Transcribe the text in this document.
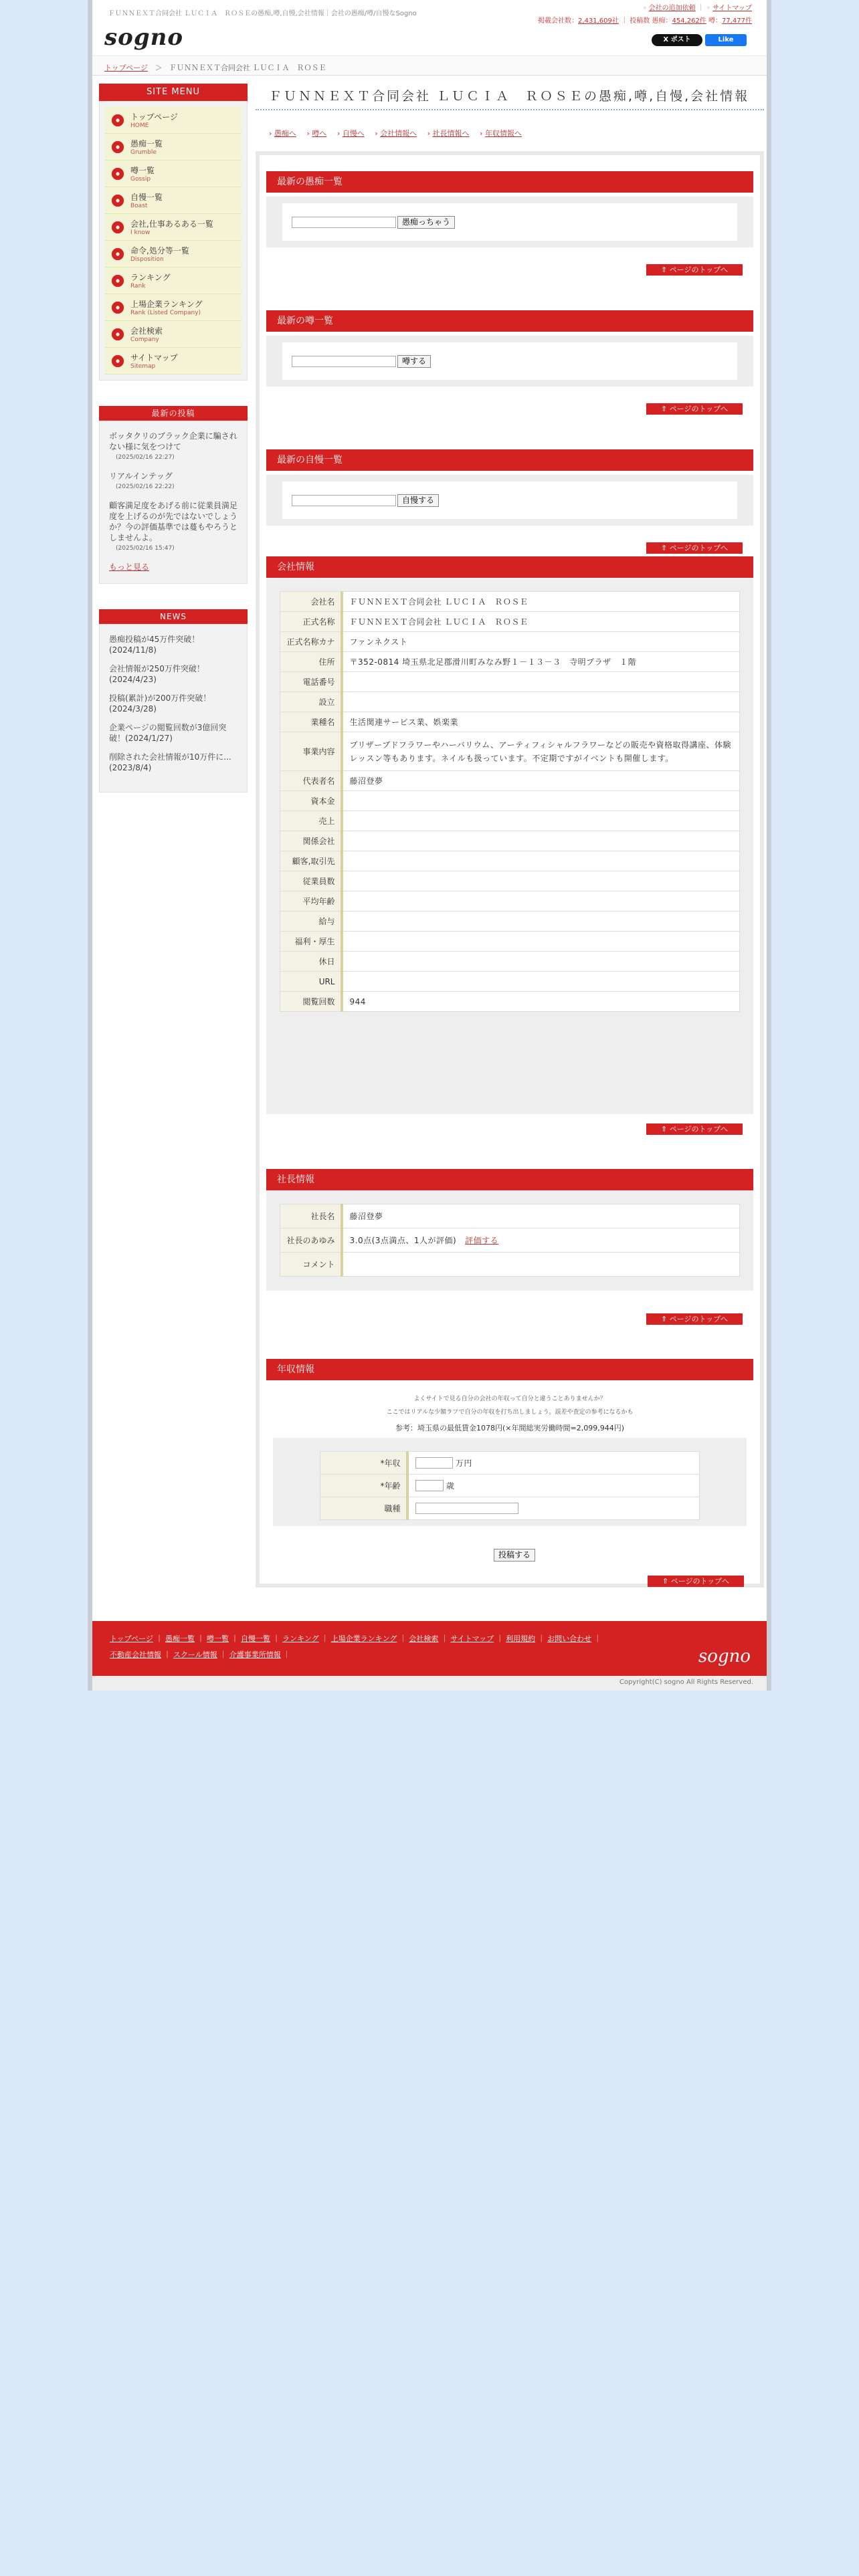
ＦＵＮＮＥＸＴ合同会社 ＬＵＣＩＡ　ＲＯＳＥの愚痴,噂,自慢,会社情報｜会社の愚痴/噂/自慢なSogno
sogno
◦ 会社の追加依頼 ｜ ◦ サイトマップ
掲載会社数：2,431,609社 ｜ 投稿数 愚痴：454,262件 噂：77,477件
X ポスト	Like
トップページ   ＞   ＦＵＮＮＥＸＴ合同会社 ＬＵＣＩＡ　ＲＯＳＥ
SITE MENU
トップページ
HOME
愚痴一覧
Grumble
噂一覧
Gossip
自慢一覧
Boast
会社,仕事あるある一覧
I know
命令,処分等一覧
Disposition
ランキング
Rank
上場企業ランキング
Rank (Listed Company)
会社検索
Company
サイトマップ
Sitemap
最新の投稿
ボッタクリのブラック企業に騙されない様に気をつけて
(2025/02/16 22:27)
リアルインテッグ
(2025/02/16 22:22)
顧客満足度をあげる前に従業員満足度を上げるのが先ではないでしょうか？今の評価基準では蔓もやろうとしませんよ。
(2025/02/16 15:47)
もっと見る
NEWS
愚痴投稿が45万件突破！(2024/11/8)
会社情報が250万件突破！(2024/4/23)
投稿(累計)が200万件突破！(2024/3/28)
企業ページの閲覧回数が3億回突破！(2024/1/27)
削除された会社情報が10万件に... (2023/8/4)
ＦＵＮＮＥＸＴ合同会社 ＬＵＣＩＡ　ＲＯＳＥの愚痴,噂,自慢,会社情報
› 愚痴へ › 噂へ › 自慢へ › 会社情報へ › 社長情報へ › 年収情報へ
最新の愚痴一覧
愚痴っちゃう
⇑ ページのトップへ
最新の噂一覧
噂する
⇑ ページのトップへ
最新の自慢一覧
自慢する
⇑ ページのトップへ
会社情報
会社名	ＦＵＮＮＥＸＴ合同会社 ＬＵＣＩＡ　ＲＯＳＥ
正式名称	ＦＵＮＮＥＸＴ合同会社 ＬＵＣＩＡ　ＲＯＳＥ
正式名称カナ	ファンネクスト
住所	〒352-0814 埼玉県北足郡滑川町みなみ野１－１３－３　寺明プラザ　１階
電話番号	
設立	
業種名	生活関連サービス業、娯楽業
事業内容	プリザーブドフラワーやハーバリウム、アーティフィシャルフラワーなどの販売や資格取得講座、体験レッスン等もあります。ネイルも扱っています。不定期ですがイベントも開催します。
代表者名	藤沼登夢
資本金	
売上	
関係会社	
顧客,取引先	
従業員数	
平均年齢	
給与	
福利・厚生	
休日	
URL	
閲覧回数	944
⇑ ページのトップへ
社長情報
社長名	藤沼登夢
社長のあゆみ	3.0点(3点満点、1人が評価) 評価する
コメント	
⇑ ページのトップへ
年収情報
よくサイトで見る自分の会社の年収って自分と違うことありませんか？
ここではリアルな少額ラフで自分の年収を打ち出しましょう。誤差や査定の参考になるかも
参考：埼玉県の最低賃金1078円(×年間総実労働時間=2,099,944円)
*年収	万円
*年齢	歳
職種	
投稿する
⇑ ページのトップへ
トップページ ｜ 愚痴一覧 ｜ 噂一覧 ｜ 自慢一覧 ｜ ランキング ｜ 上場企業ランキング ｜ 会社検索 ｜ サイトマップ ｜ 利用規約 ｜ お問い合わせ ｜
不動産会社情報 ｜ スクール情報 ｜ 介護事業所情報 ｜	sogno
Copyright(C) sogno All Rights Reserved.
